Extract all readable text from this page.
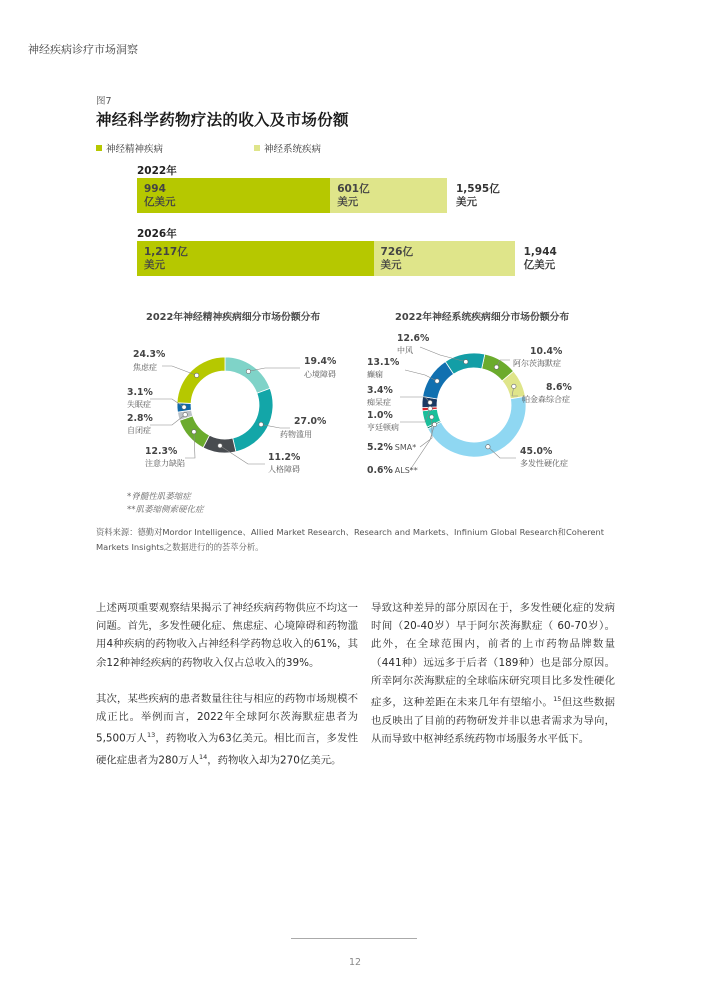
神经疾病诊疗市场洞察
图7
神经科学药物疗法的收入及市场份额
神经精神疾病	神经系统疾病
2022年
994
亿美元
601亿
美元
1,595亿
美元
2026年
1,217亿
美元
726亿
美元
1,944
亿美元
2022年神经精神疾病细分市场份额分布	2022年神经系统疾病细分市场份额分布
19.4%
心境障碍
27.0%
药物滥用
11.2%
人格障碍
12.3%
注意力缺陷
2.8%
自闭症
3.1%
失眠症
24.3%
焦虑症
10.4%
阿尔茨海默症
8.6%
帕金森综合症
45.0%
多发性硬化症
0.6% ALS**
5.2% SMA*
1.0%
亨廷顿病
3.4%
痴呆症
13.1%
癫痫
12.6%
中风
*脊髓性肌萎缩症
**肌萎缩侧索硬化症
资料来源：德勤对Mordor Intelligence、Allied Market Research、Research and Markets、Infinium Global Research和Coherent Markets Insights之数据进行的的荟萃分析。
上述两项重要观察结果揭示了神经疾病药物供应不均这一问题。首先，多发性硬化症、焦虑症、心境障碍和药物滥用4种疾病的药物收入占神经科学药物总收入的61%，其余12种神经疾病的药物收入仅占总收入的39%。
其次，某些疾病的患者数量往往与相应的药物市场规模不成正比。举例而言，2022年全球阿尔茨海默症患者为5,500万人$^{13}$，药物收入为63亿美元。相比而言，多发性硬化症患者为280万人$^{14}$，药物收入却为270亿美元。
导致这种差异的部分原因在于，多发性硬化症的发病时间（20-40岁）早于阿尔茨海默症（ 60-70岁）。此外，在全球范围内，前者的上市药物品牌数量（441种）远远多于后者（189种）也是部分原因。所幸阿尔茨海默症的全球临床研究项目比多发性硬化症多，这种差距在未来几年有望缩小。$^{15}$但这些数据也反映出了目前的药物研发并非以患者需求为导向，从而导致中枢神经系统药物市场服务水平低下。
12
